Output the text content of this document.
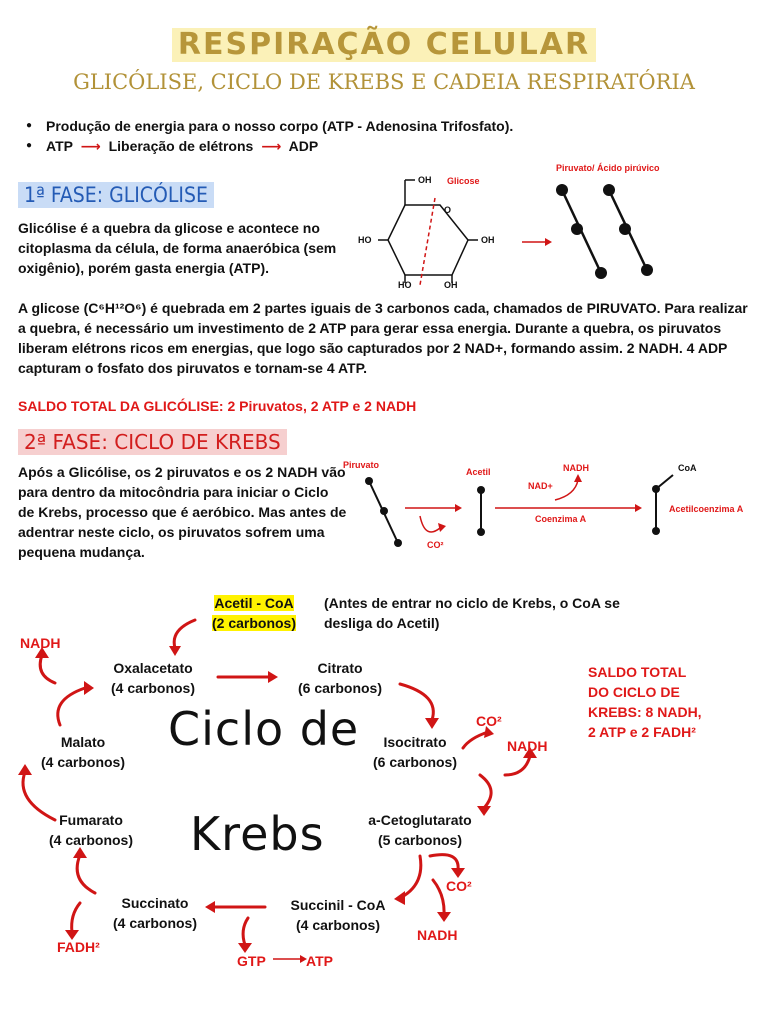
RESPIRAÇÃO CELULAR
GLICÓLISE, CICLO DE KREBS E CADEIA RESPIRATÓRIA
● Produção de energia para o nosso corpo (ATP - Adenosina Trifosfato).
● ATP ⟶ Liberação de elétrons ⟶ ADP
1ª FASE: GLICÓLISE
Glicólise é a quebra da glicose e acontece no citoplasma da célula, de forma anaeróbica (sem oxigênio), porém gasta energia (ATP).
A glicose (C⁶H¹²O⁶) é quebrada em 2 partes iguais de 3 carbonos cada, chamados de PIRUVATO. Para realizar a quebra, é necessário um investimento de 2 ATP para gerar essa energia. Durante a quebra, os piruvatos liberam elétrons ricos em energias, que logo são capturados por 2 NAD+, formando assim. 2 NADH. 4 ADP capturam o fosfato dos piruvatos e tornam-se 4 ATP.
SALDO TOTAL DA GLICÓLISE: 2 Piruvatos, 2 ATP e 2 NADH
OH Glicose
O
HO	OH
HO	OH
Piruvato/ Ácido pirúvico
2ª FASE: CICLO DE KREBS
Após a Glicólise, os 2 piruvatos e os 2 NADH vão para dentro da mitocôndria para iniciar o Ciclo de Krebs, processo que é aeróbico. Mas antes de adentrar neste ciclo, os piruvatos sofrem uma pequena mudança.
Piruvato
Acetil
CO²
NADH
NAD+
Coenzima A
CoA
Acetilcoenzima A
Acetil - CoA
(2 carbonos)
(Antes de entrar no ciclo de Krebs, o CoA se desliga do Acetil)
Oxalacetato
(4 carbonos)
Citrato
(6 carbonos)
Isocitrato
(6 carbonos)
a-Cetoglutarato
(5 carbonos)
Succinil - CoA
(4 carbonos)
Succinato
(4 carbonos)
Fumarato
(4 carbonos)
Malato
(4 carbonos)
Ciclo de
Krebs
NADH
CO²
NADH
CO²
NADH
FADH²
GTP	ATP
SALDO TOTAL
DO CICLO DE
KREBS: 8 NADH,
2 ATP e 2 FADH²
